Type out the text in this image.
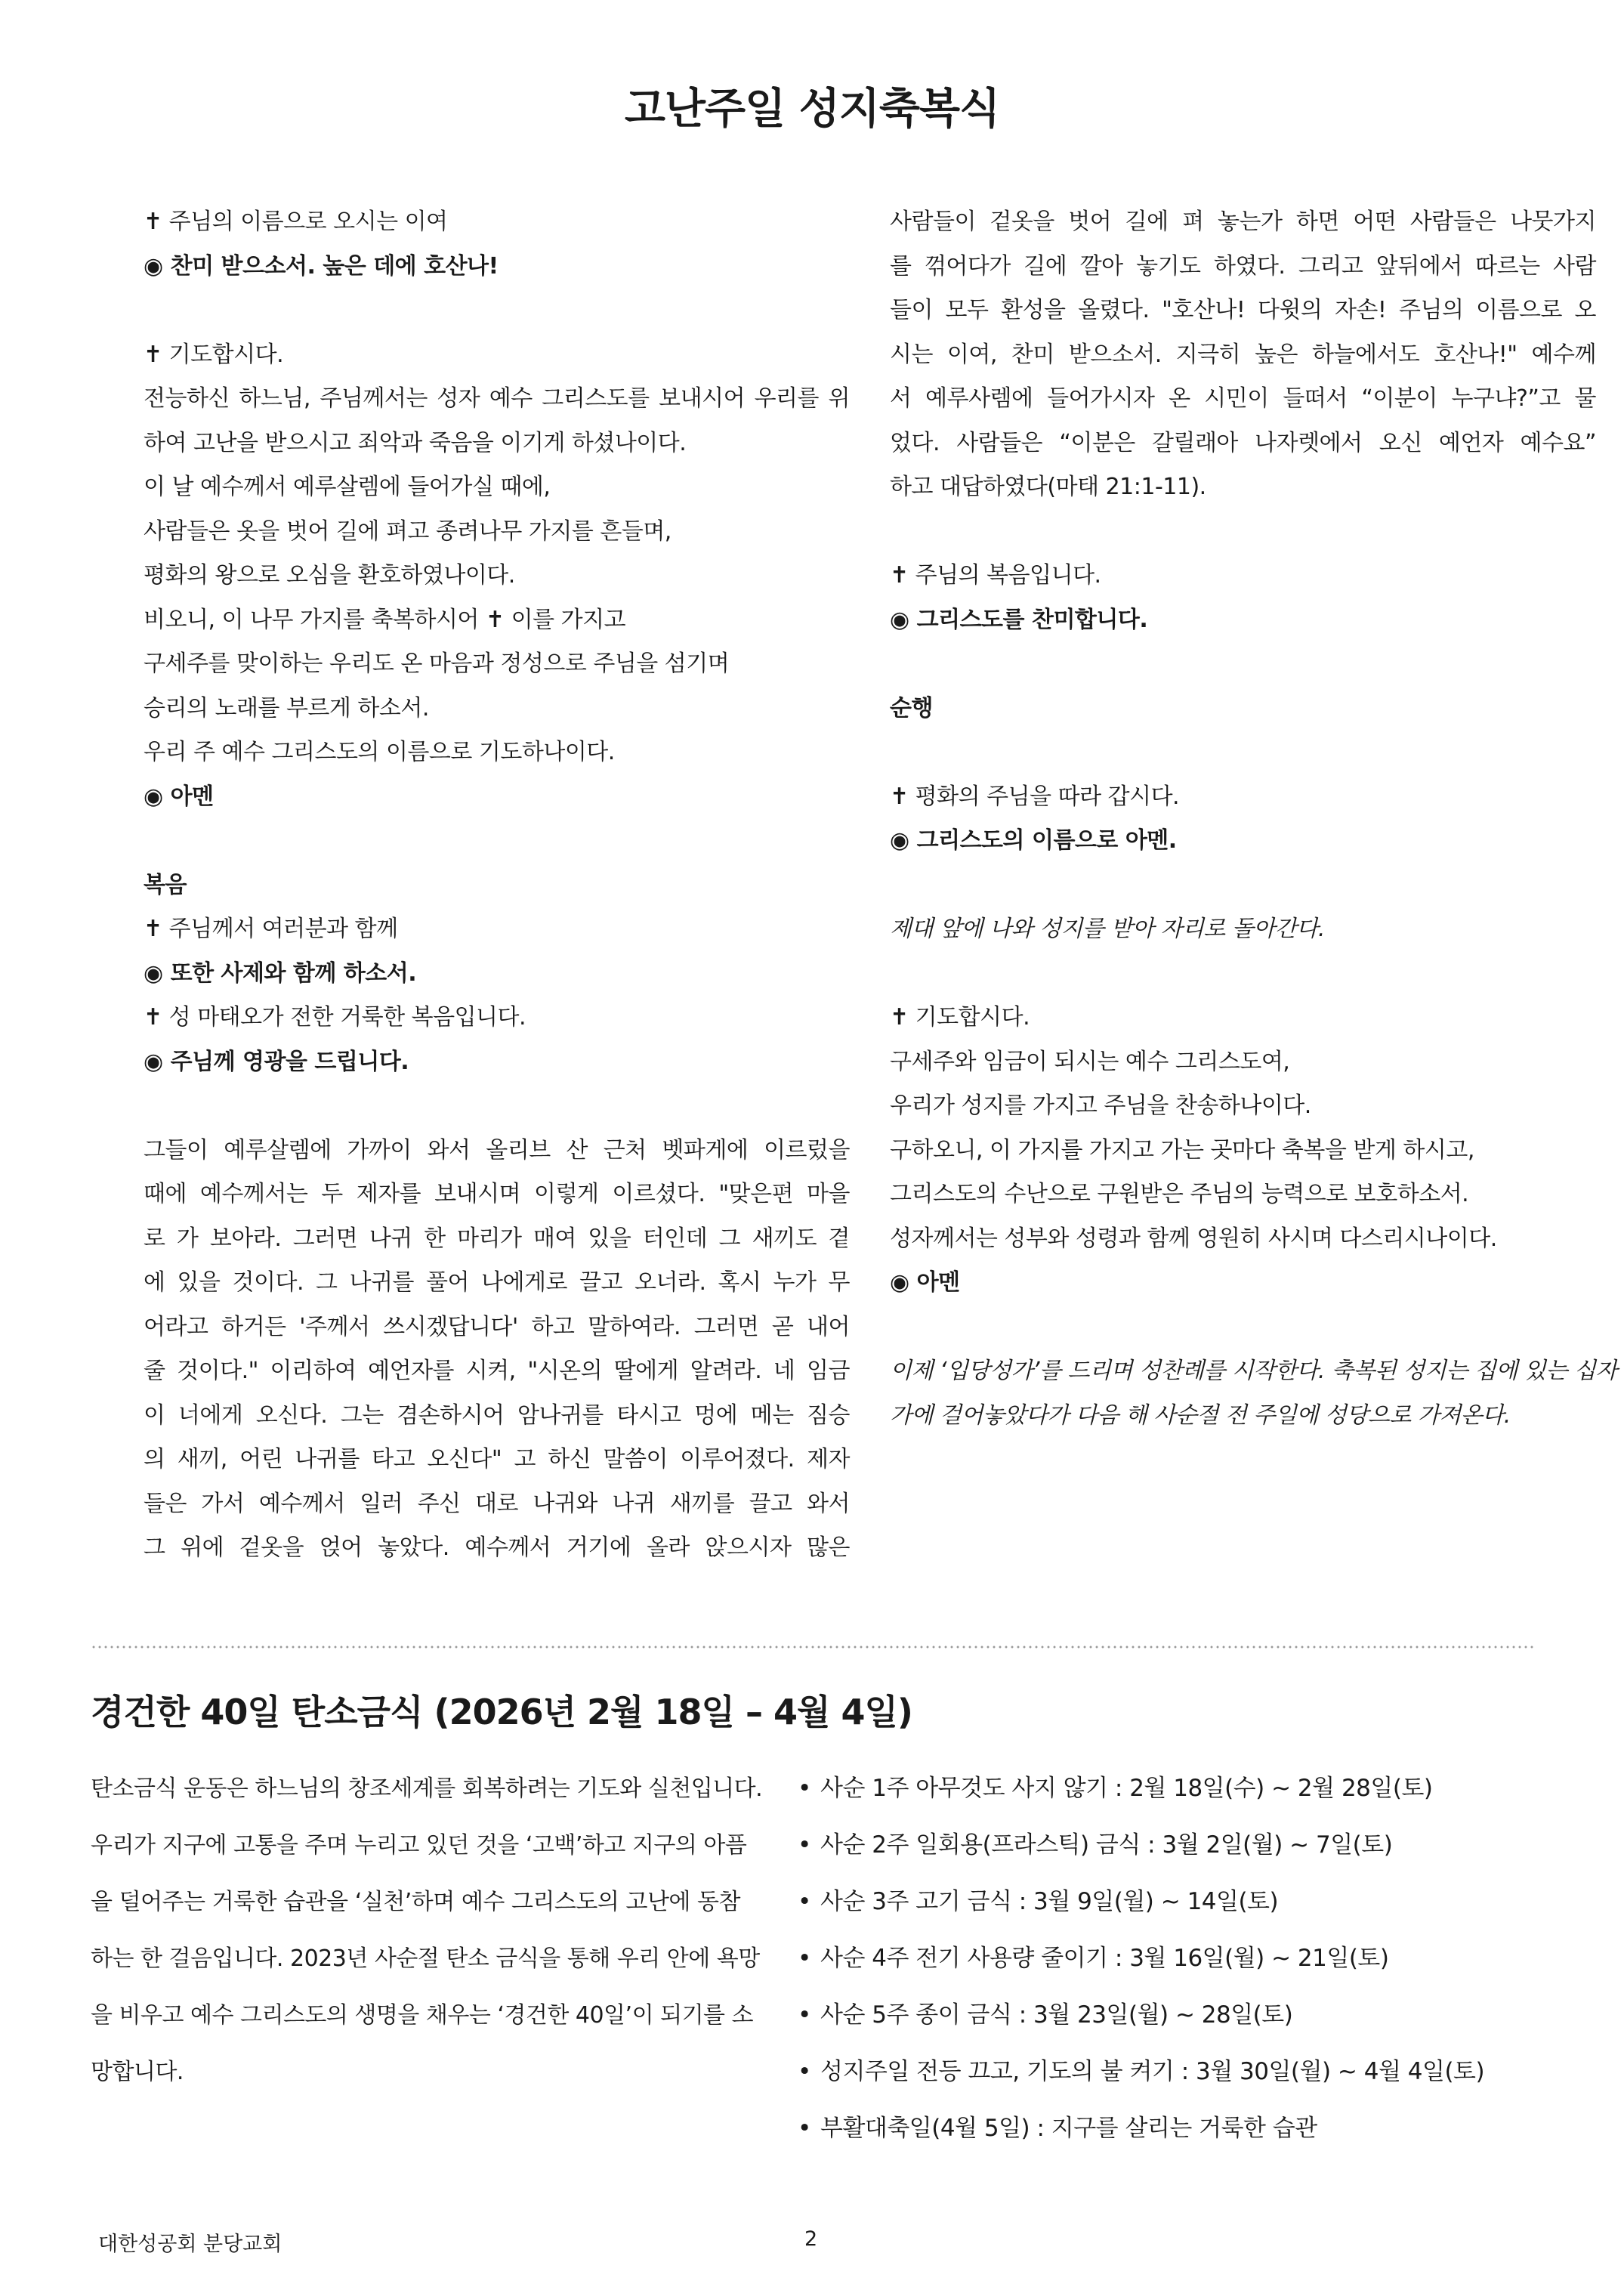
고난주일 성지축복식
✝ 주님의 이름으로 오시는 이여
◉ 찬미 받으소서. 높은 데에 호산나!
✝ 기도합시다.
전능하신 하느님, 주님께서는 성자 예수 그리스도를 보내시어 우리를 위
하여 고난을 받으시고 죄악과 죽음을 이기게 하셨나이다.
이 날 예수께서 예루살렘에 들어가실 때에,
사람들은 옷을 벗어 길에 펴고 종려나무 가지를 흔들며,
평화의 왕으로 오심을 환호하였나이다.
비오니, 이 나무 가지를 축복하시어 ✝ 이를 가지고
구세주를 맞이하는 우리도 온 마음과 정성으로 주님을 섬기며
승리의 노래를 부르게 하소서.
우리 주 예수 그리스도의 이름으로 기도하나이다.
◉ 아멘
복음
✝ 주님께서 여러분과 함께
◉ 또한 사제와 함께 하소서.
✝ 성 마태오가 전한 거룩한 복음입니다.
◉ 주님께 영광을 드립니다.
그들이 예루살렘에 가까이 와서 올리브 산 근처 벳파게에 이르렀을
때에 예수께서는 두 제자를 보내시며 이렇게 이르셨다. "맞은편 마을
로 가 보아라. 그러면 나귀 한 마리가 매여 있을 터인데 그 새끼도 곁
에 있을 것이다. 그 나귀를 풀어 나에게로 끌고 오너라. 혹시 누가 무
어라고 하거든 '주께서 쓰시겠답니다' 하고 말하여라. 그러면 곧 내어
줄 것이다." 이리하여 예언자를 시켜, "시온의 딸에게 알려라. 네 임금
이 너에게 오신다. 그는 겸손하시어 암나귀를 타시고 멍에 메는 짐승
의 새끼, 어린 나귀를 타고 오신다" 고 하신 말씀이 이루어졌다. 제자
들은 가서 예수께서 일러 주신 대로 나귀와 나귀 새끼를 끌고 와서
그 위에 겉옷을 얹어 놓았다. 예수께서 거기에 올라 앉으시자 많은
사람들이 겉옷을 벗어 길에 펴 놓는가 하면 어떤 사람들은 나뭇가지
를 꺾어다가 길에 깔아 놓기도 하였다. 그리고 앞뒤에서 따르는 사람
들이 모두 환성을 올렸다. "호산나! 다윗의 자손! 주님의 이름으로 오
시는 이여, 찬미 받으소서. 지극히 높은 하늘에서도 호산나!" 예수께
서 예루사렘에 들어가시자 온 시민이 들떠서 “이분이 누구냐?”고 물
었다. 사람들은 “이분은 갈릴래아 나자렛에서 오신 예언자 예수요”
하고 대답하였다(마태 21:1-11).
✝ 주님의 복음입니다.
◉ 그리스도를 찬미합니다.
순행
✝ 평화의 주님을 따라 갑시다.
◉ 그리스도의 이름으로 아멘.
제대 앞에 나와 성지를 받아 자리로 돌아간다.
✝ 기도합시다.
구세주와 임금이 되시는 예수 그리스도여,
우리가 성지를 가지고 주님을 찬송하나이다.
구하오니, 이 가지를 가지고 가는 곳마다 축복을 받게 하시고,
그리스도의 수난으로 구원받은 주님의 능력으로 보호하소서.
성자께서는 성부와 성령과 함께 영원히 사시며 다스리시나이다.
◉ 아멘
이제 ‘입당성가’를 드리며 성찬례를 시작한다. 축복된 성지는 집에 있는 십자
가에 걸어놓았다가 다음 해 사순절 전 주일에 성당으로 가져온다.
경건한 40일 탄소금식 (2026년 2월 18일 – 4월 4일)
탄소금식 운동은 하느님의 창조세계를 회복하려는 기도와 실천입니다.
우리가 지구에 고통을 주며 누리고 있던 것을 ‘고백’하고 지구의 아픔
을 덜어주는 거룩한 습관을 ‘실천’하며 예수 그리스도의 고난에 동참
하는 한 걸음입니다. 2023년 사순절 탄소 금식을 통해 우리 안에 욕망
을 비우고 예수 그리스도의 생명을 채우는 ‘경건한 40일’이 되기를 소
망합니다.
• 사순 1주 아무것도 사지 않기 : 2월 18일(수) ~ 2월 28일(토)
• 사순 2주 일회용(프라스틱) 금식 : 3월 2일(월) ~ 7일(토)
• 사순 3주 고기 금식 : 3월 9일(월) ~ 14일(토)
• 사순 4주 전기 사용량 줄이기 : 3월 16일(월) ~ 21일(토)
• 사순 5주 종이 금식 : 3월 23일(월) ~ 28일(토)
• 성지주일 전등 끄고, 기도의 불 켜기 : 3월 30일(월) ~ 4월 4일(토)
• 부활대축일(4월 5일) : 지구를 살리는 거룩한 습관
대한성공회 분당교회	2
